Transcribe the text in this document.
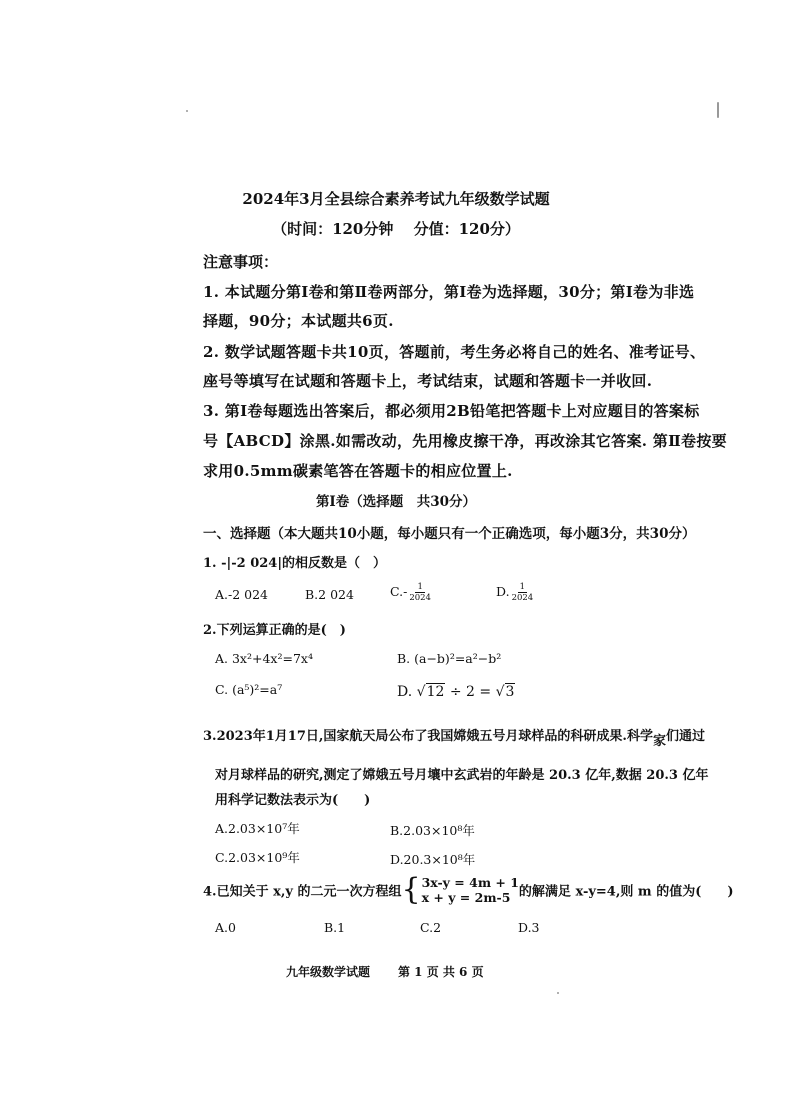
2024年3月全县综合素养考试九年级数学试题
（时间：120分钟　 分值：120分）
注意事项：
1. 本试题分第Ⅰ卷和第Ⅱ卷两部分，第Ⅰ卷为选择题，30分；第Ⅰ卷为非选
择题，90分；本试题共6页.
2. 数学试题答题卡共10页，答题前，考生务必将自己的姓名、准考证号、
座号等填写在试题和答题卡上，考试结束，试题和答题卡一并收回.
3. 第Ⅰ卷每题选出答案后，都必须用2B铅笔把答题卡上对应题目的答案标
号【ABCD】涂黑.如需改动，先用橡皮擦干净，再改涂其它答案. 第Ⅱ卷按要
求用0.5mm碳素笔答在答题卡的相应位置上.
第Ⅰ卷（选择题　共30分）
一、选择题（本大题共10小题，每小题只有一个正确选项，每小题3分，共30分）
1. -|-2 024|的相反数是（　）
A.-2 024	B.2 024	$C.- \frac{1}{2024}$	D. $\frac{1}{2024}$
2.下列运算正确的是(　)
A. 3x²+4x²=7x⁴	B. (a−b)²=a²−b²
C. (a⁵)²=a⁷	D. √12 ÷ 2 = √3
3.2023年1月17日,国家航天局公布了我国嫦娥五号月球样品的科研成果.科学家们通过
对月球样品的研究,测定了嫦娥五号月壤中玄武岩的年龄是 20.3 亿年,数据 20.3 亿年
用科学记数法表示为(　　)
A.2.03×10⁷年	B.2.03×10⁸年
C.2.03×10⁹年	D.20.3×10⁸年
4.已知关于 x,y 的二元一次方程组 { 3x-y = 4m + 1
x + y = 2m-5 的解满足 x-y=4,则 m 的值为(　　)
A.0	B.1	C.2	D.3
九年级数学试题 第 1 页 共 6 页
